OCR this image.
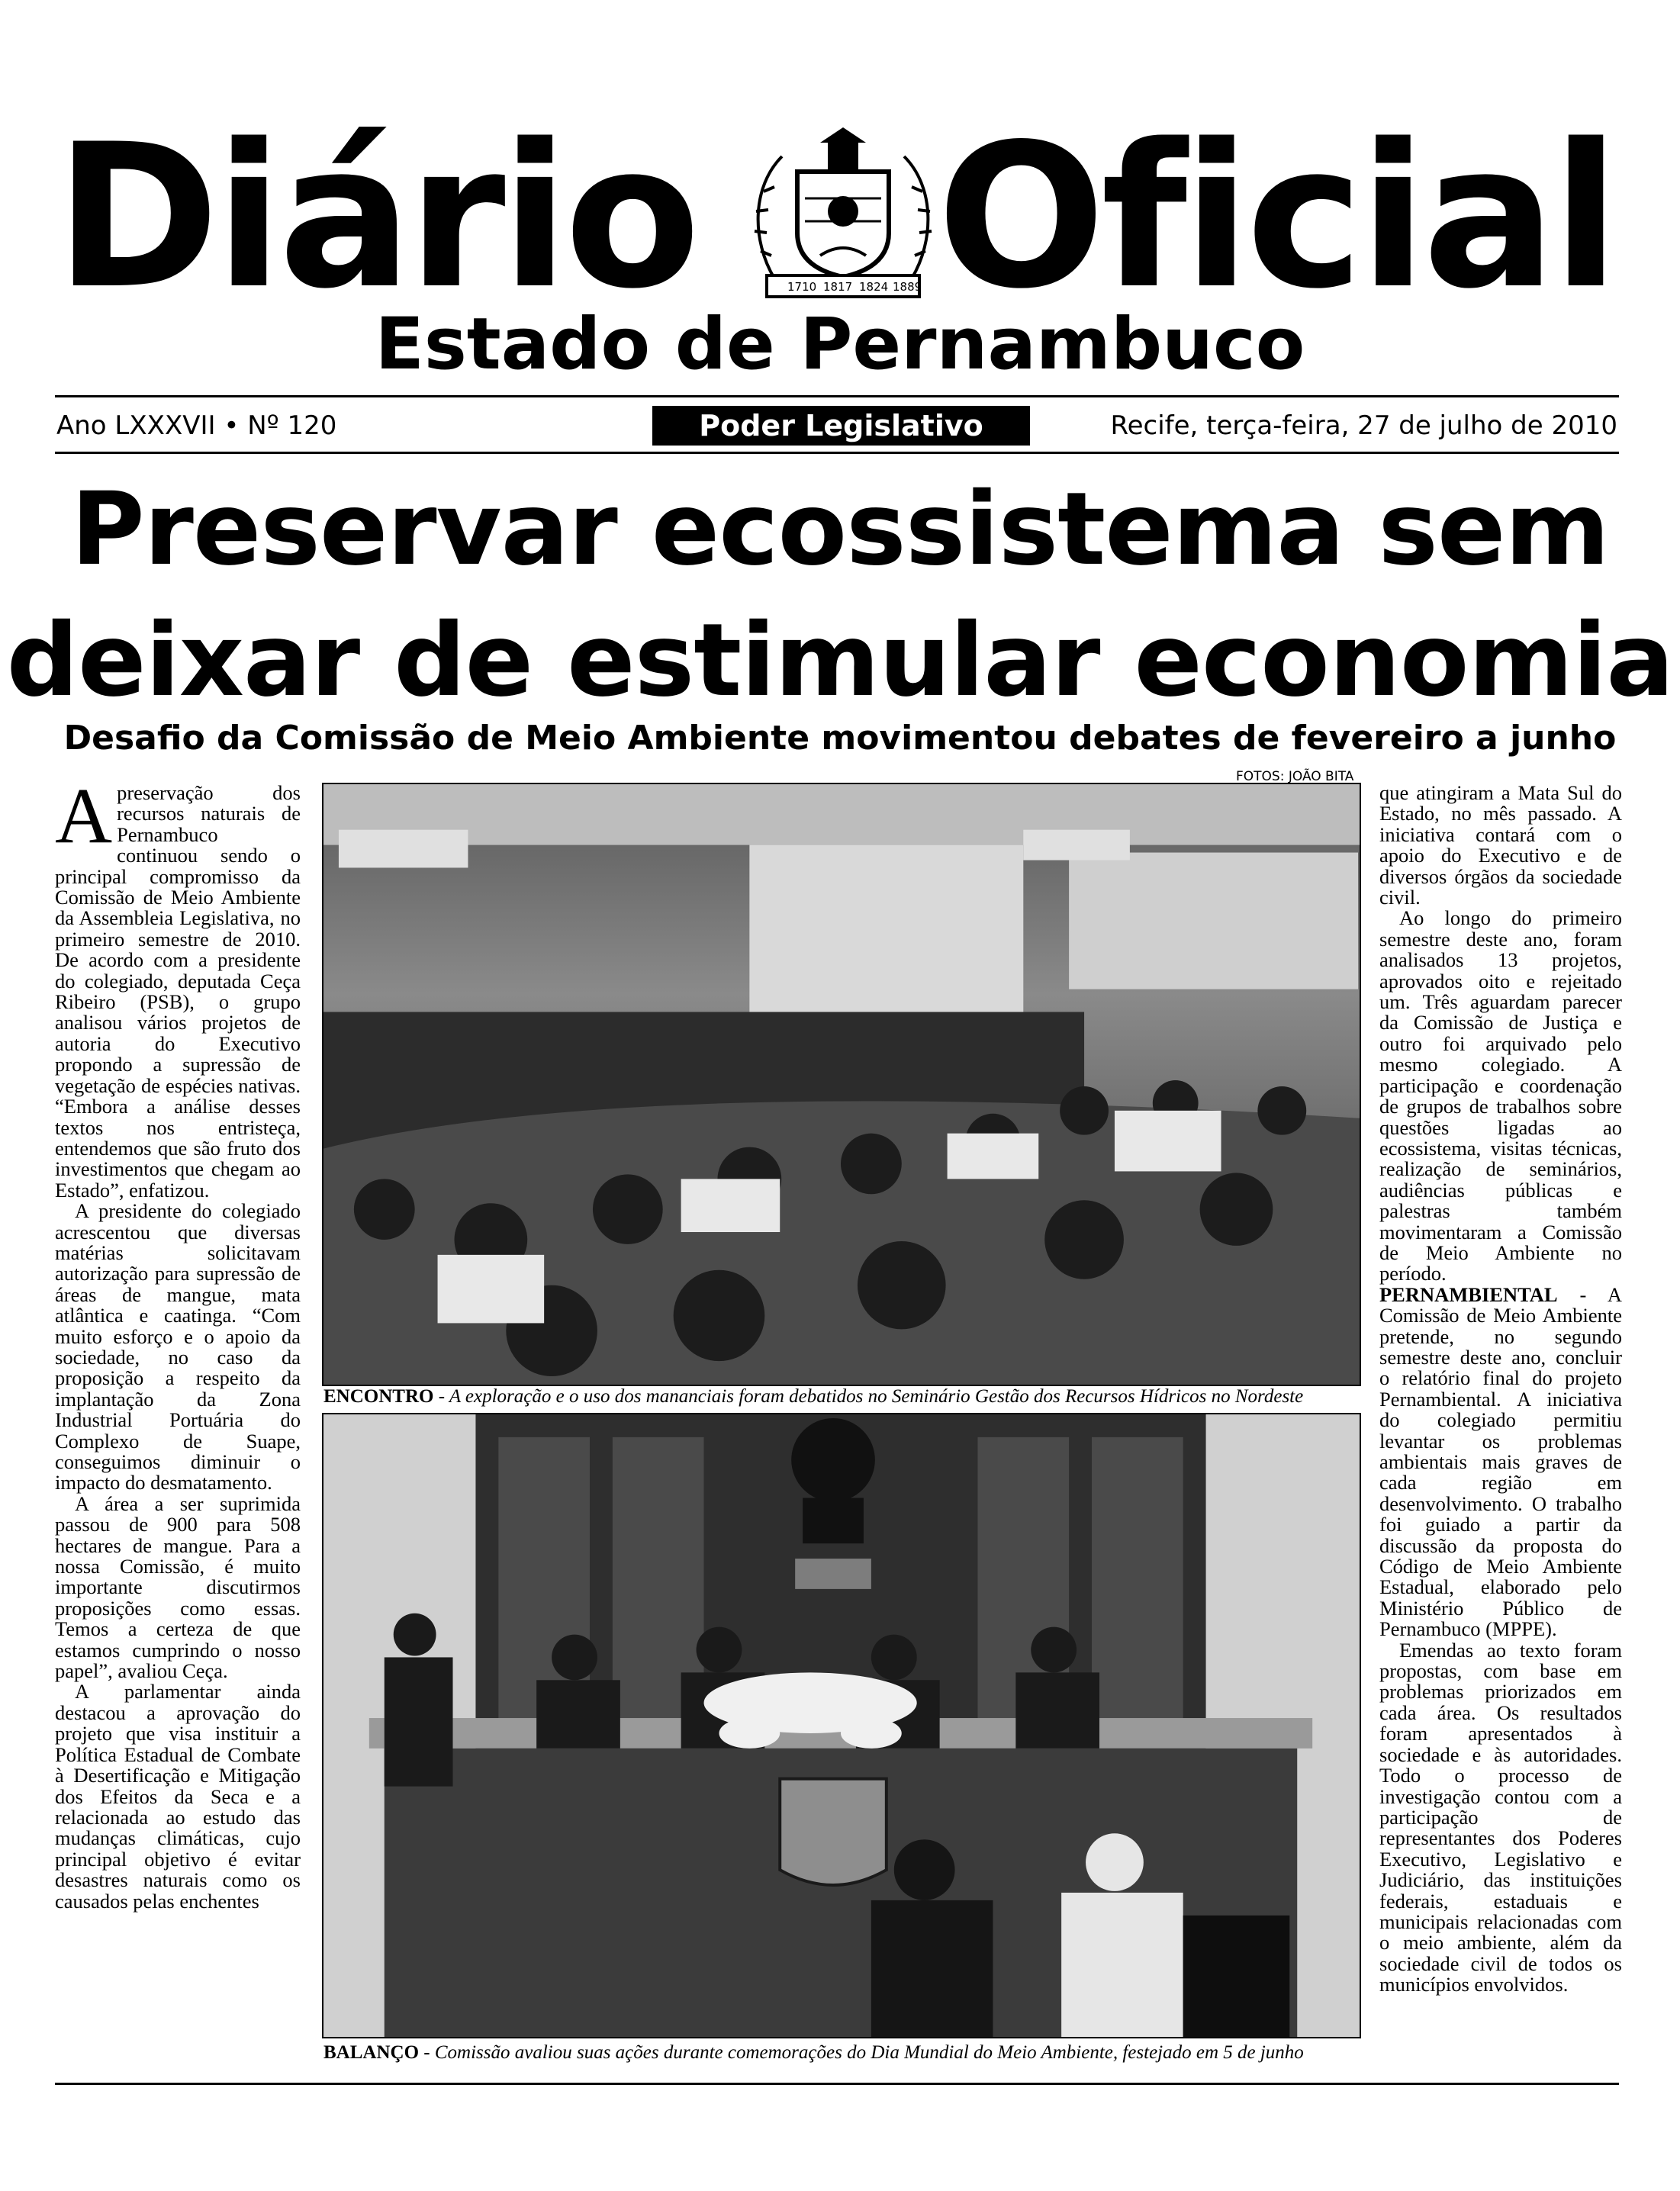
Diário	1710 1817 1824 1889 Oficial
Estado de Pernambuco
Ano LXXXVII • Nº 120	Poder Legislativo	Recife, terça-feira, 27 de julho de 2010
Preservar ecossistema sem
deixar de estimular economia
Desafio da Comissão de Meio Ambiente movimentou debates de fevereiro a junho
FOTOS: JOÃO BITA

Apreservação dos recursos naturais de Pernambuco continuou sendo o principal compromisso da Comissão de Meio Ambiente da Assembleia Legislativa, no primeiro semestre de 2010. De acordo com a presidente do colegiado, deputada Ceça Ribeiro (PSB), o grupo analisou vários projetos de autoria do Executivo propondo a supressão de vegetação de espécies nativas. “Embora a análise desses textos nos entristeça, entendemos que são fruto dos investimentos que chegam ao Estado”, enfatizou.

A presidente do colegiado acrescentou que diversas matérias solicitavam autorização para supressão de áreas de mangue, mata atlântica e caatinga. “Com muito esforço e o apoio da sociedade, no caso da proposição a respeito da implantação da Zona Industrial Portuária do Complexo de Suape, conseguimos diminuir o impacto do desmatamento.

A área a ser suprimida passou de 900 para 508 hectares de mangue. Para a nossa Comissão, é muito importante discutirmos proposições como essas. Temos a certeza de que estamos cumprindo o nosso papel”, avaliou Ceça.

A parlamentar ainda destacou a aprovação do projeto que visa instituir a Política Estadual de Combate à Desertificação e Mitigação dos Efeitos da Seca e a relacionada ao estudo das mudanças climáticas, cujo principal objetivo é evitar desastres naturais como os causados pelas enchentes

ENCONTRO - A exploração e o uso dos mananciais foram debatidos no Seminário Gestão dos Recursos Hídricos no Nordeste
BALANÇO - Comissão avaliou suas ações durante comemorações do Dia Mundial do Meio Ambiente, festejado em 5 de junho

que atingiram a Mata Sul do Estado, no mês passado. A iniciativa contará com o apoio do Executivo e de diversos órgãos da sociedade civil.

Ao longo do primeiro semestre deste ano, foram analisados 13 projetos, aprovados oito e rejeitado um. Três aguardam parecer da Comissão de Justiça e outro foi arquivado pelo mesmo colegiado. A participação e coordenação de grupos de trabalhos sobre questões ligadas ao ecossistema, visitas técnicas, realização de seminários, audiências públicas e palestras também movimentaram a Comissão de Meio Ambiente no período.

PERNAMBIENTAL - A Comissão de Meio Ambiente pretende, no segundo semestre deste ano, concluir o relatório final do projeto Pernambiental. A iniciativa do colegiado permitiu levantar os problemas ambientais mais graves de cada região em desenvolvimento. O trabalho foi guiado a partir da discussão da proposta do Código de Meio Ambiente Estadual, elaborado pelo Ministério Público de Pernambuco (MPPE).

Emendas ao texto foram propostas, com base em problemas priorizados em cada área. Os resultados foram apresentados à sociedade e às autoridades. Todo o processo de investigação contou com a participação de representantes dos Poderes Executivo, Legislativo e Judiciário, das instituições federais, estaduais e municipais relacionadas com o meio ambiente, além da sociedade civil de todos os municípios envolvidos.
